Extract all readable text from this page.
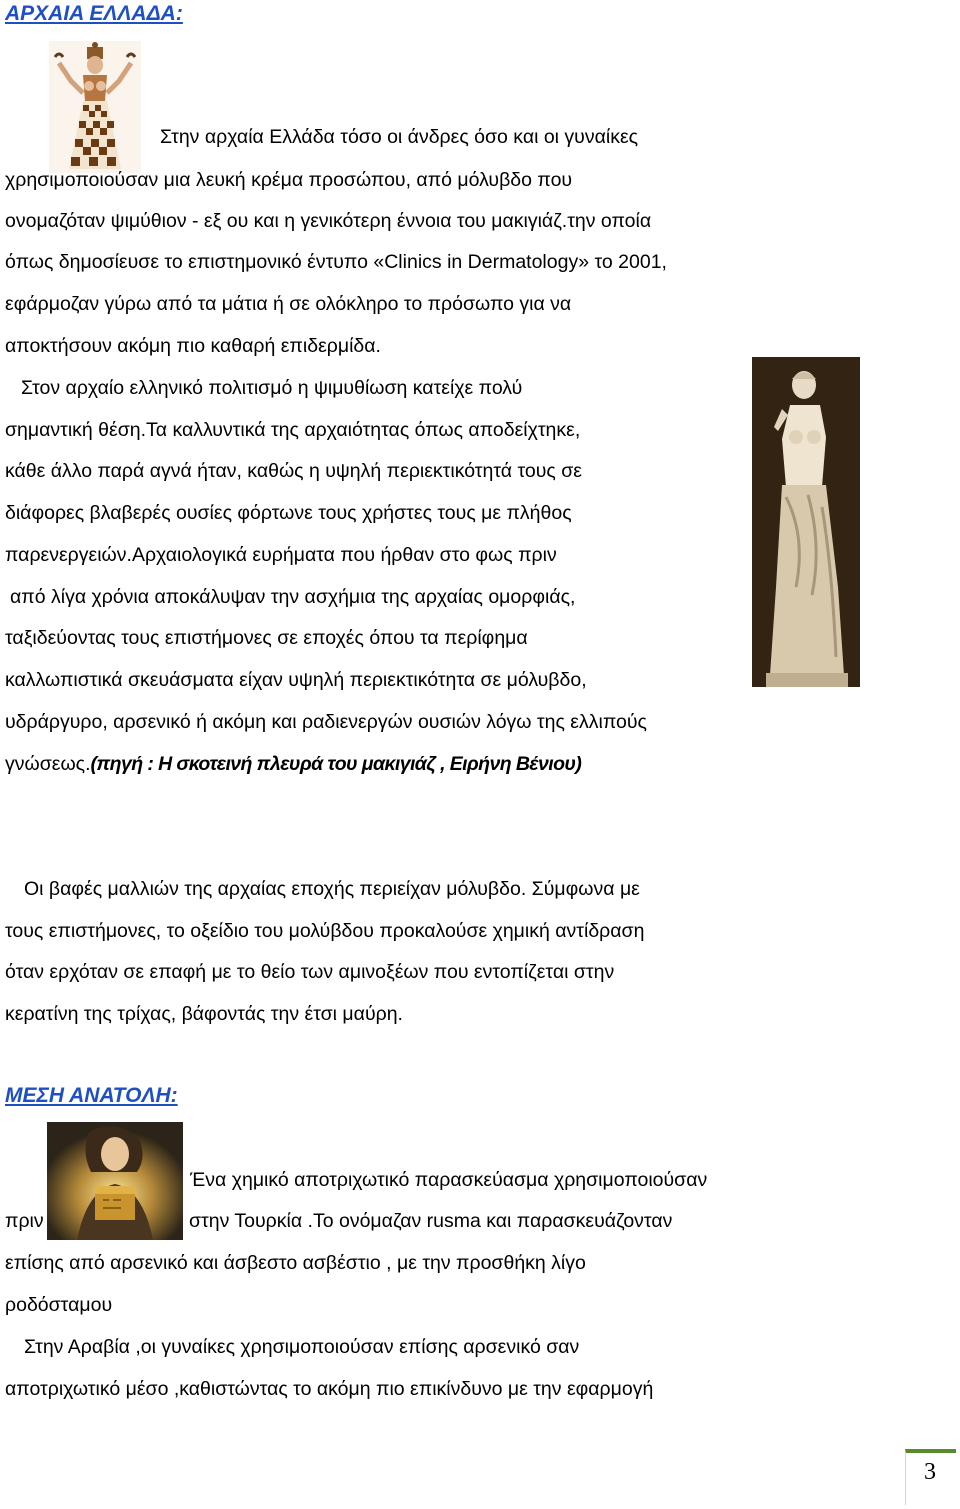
ΑΡΧΑΙΑ ΕΛΛΑΔΑ:

Στην αρχαία Ελλάδα τόσο οι άνδρες όσο και οι γυναίκες

χρησιμοποιούσαν μια λευκή κρέμα προσώπου, από μόλυβδο που

ονομαζόταν ψιμύθιον - εξ ου και η γενικότερη έννοια του μακιγιάζ.την οποία

όπως δημοσίευσε το επιστημονικό έντυπο «Clinics in Dermatology» το 2001,

εφάρμοζαν γύρω από τα μάτια ή σε ολόκληρο το πρόσωπο για να

αποκτήσουν ακόμη πιο καθαρή επιδερμίδα.

Στον αρχαίο ελληνικό πολιτισμό η ψιμυθίωση κατείχε πολύ

σημαντική θέση.Τα καλλυντικά της αρχαιότητας όπως αποδείχτηκε,

κάθε άλλο παρά αγνά ήταν, καθώς η υψηλή περιεκτικότητά τους σε

διάφορες βλαβερές ουσίες φόρτωνε τους χρήστες τους με πλήθος

παρενεργειών.Αρχαιολογικά ευρήματα που ήρθαν στο φως πριν

από λίγα χρόνια αποκάλυψαν την ασχήμια της αρχαίας ομορφιάς,

ταξιδεύοντας τους επιστήμονες σε εποχές όπου τα περίφημα

καλλωπιστικά σκευάσματα είχαν υψηλή περιεκτικότητα σε μόλυβδο,

υδράργυρο, αρσενικό ή ακόμη και ραδιενεργών ουσιών λόγω της ελλιπούς

γνώσεως.(πηγή : Η σκοτεινή πλευρά του μακιγιάζ , Ειρήνη Βένιου)

Οι βαφές μαλλιών της αρχαίας εποχής περιείχαν μόλυβδο. Σύμφωνα με

τους επιστήμονες, το οξείδιο του μολύβδου προκαλούσε χημική αντίδραση

όταν ερχόταν σε επαφή με το θείο των αμινοξέων που εντοπίζεται στην

κερατίνη της τρίχας, βάφοντάς την έτσι μαύρη.

ΜΕΣΗ ΑΝΑΤΟΛΗ:

Ένα χημικό αποτριχωτικό παρασκεύασμα χρησιμοποιούσαν

πριν	στην Τουρκία .Το ονόμαζαν rusma και παρασκευάζονταν

επίσης από αρσενικό και άσβεστο ασβέστιο , με την προσθήκη λίγο

ροδόσταμου

Στην Αραβία ,οι γυναίκες χρησιμοποιούσαν επίσης αρσενικό σαν

αποτριχωτικό μέσο ,καθιστώντας το ακόμη πιο επικίνδυνο με την εφαρμογή

3
